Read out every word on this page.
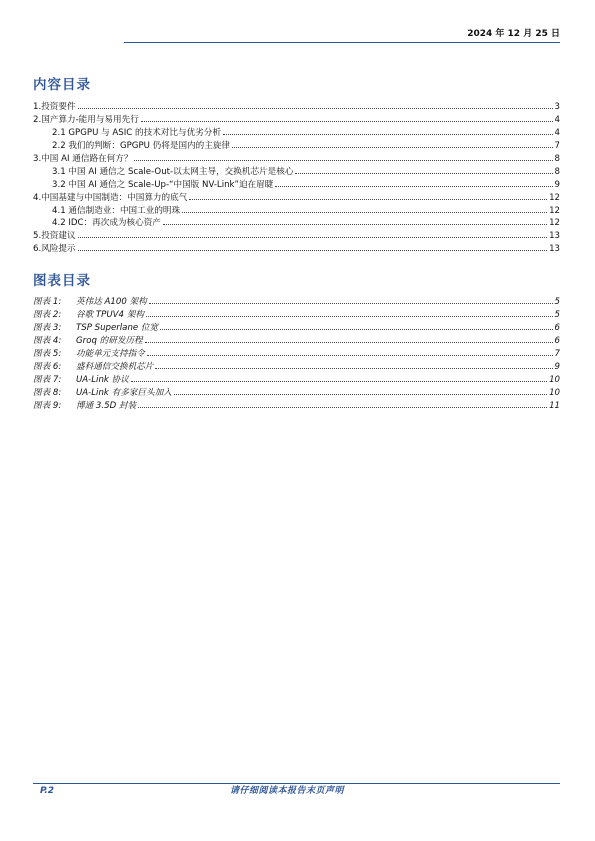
2024 年 12 月 25 日
内容目录
1.投资要件	3
2.国产算力-能用与易用先行	4
2.1 GPGPU 与 ASIC 的技术对比与优劣分析	4
2.2 我们的判断：GPGPU 仍将是国内的主旋律	7
3.中国 AI 通信路在何方？	8
3.1 中国 AI 通信之 Scale-Out-以太网主导，交换机芯片是核心	8
3.2 中国 AI 通信之 Scale-Up-“中国版 NV-Link”迫在眉睫	9
4.中国基建与中国制造：中国算力的底气	12
4.1 通信制造业：中国工业的明珠	12
4.2 IDC：再次成为核心资产	12
5.投资建议	13
6.风险提示	13
图表目录
图表 1:	英伟达 A100 架构	5
图表 2:	谷歌 TPUV4 架构	5
图表 3:	TSP Superlane 位宽	6
图表 4:	Groq 的研发历程	6
图表 5:	功能单元支持指令	7
图表 6:	盛科通信交换机芯片	9
图表 7:	UA-Link 协议	10
图表 8:	UA-Link 有多家巨头加入	10
图表 9:	博通 3.5D 封装	11
P.2	请仔细阅读本报告末页声明
